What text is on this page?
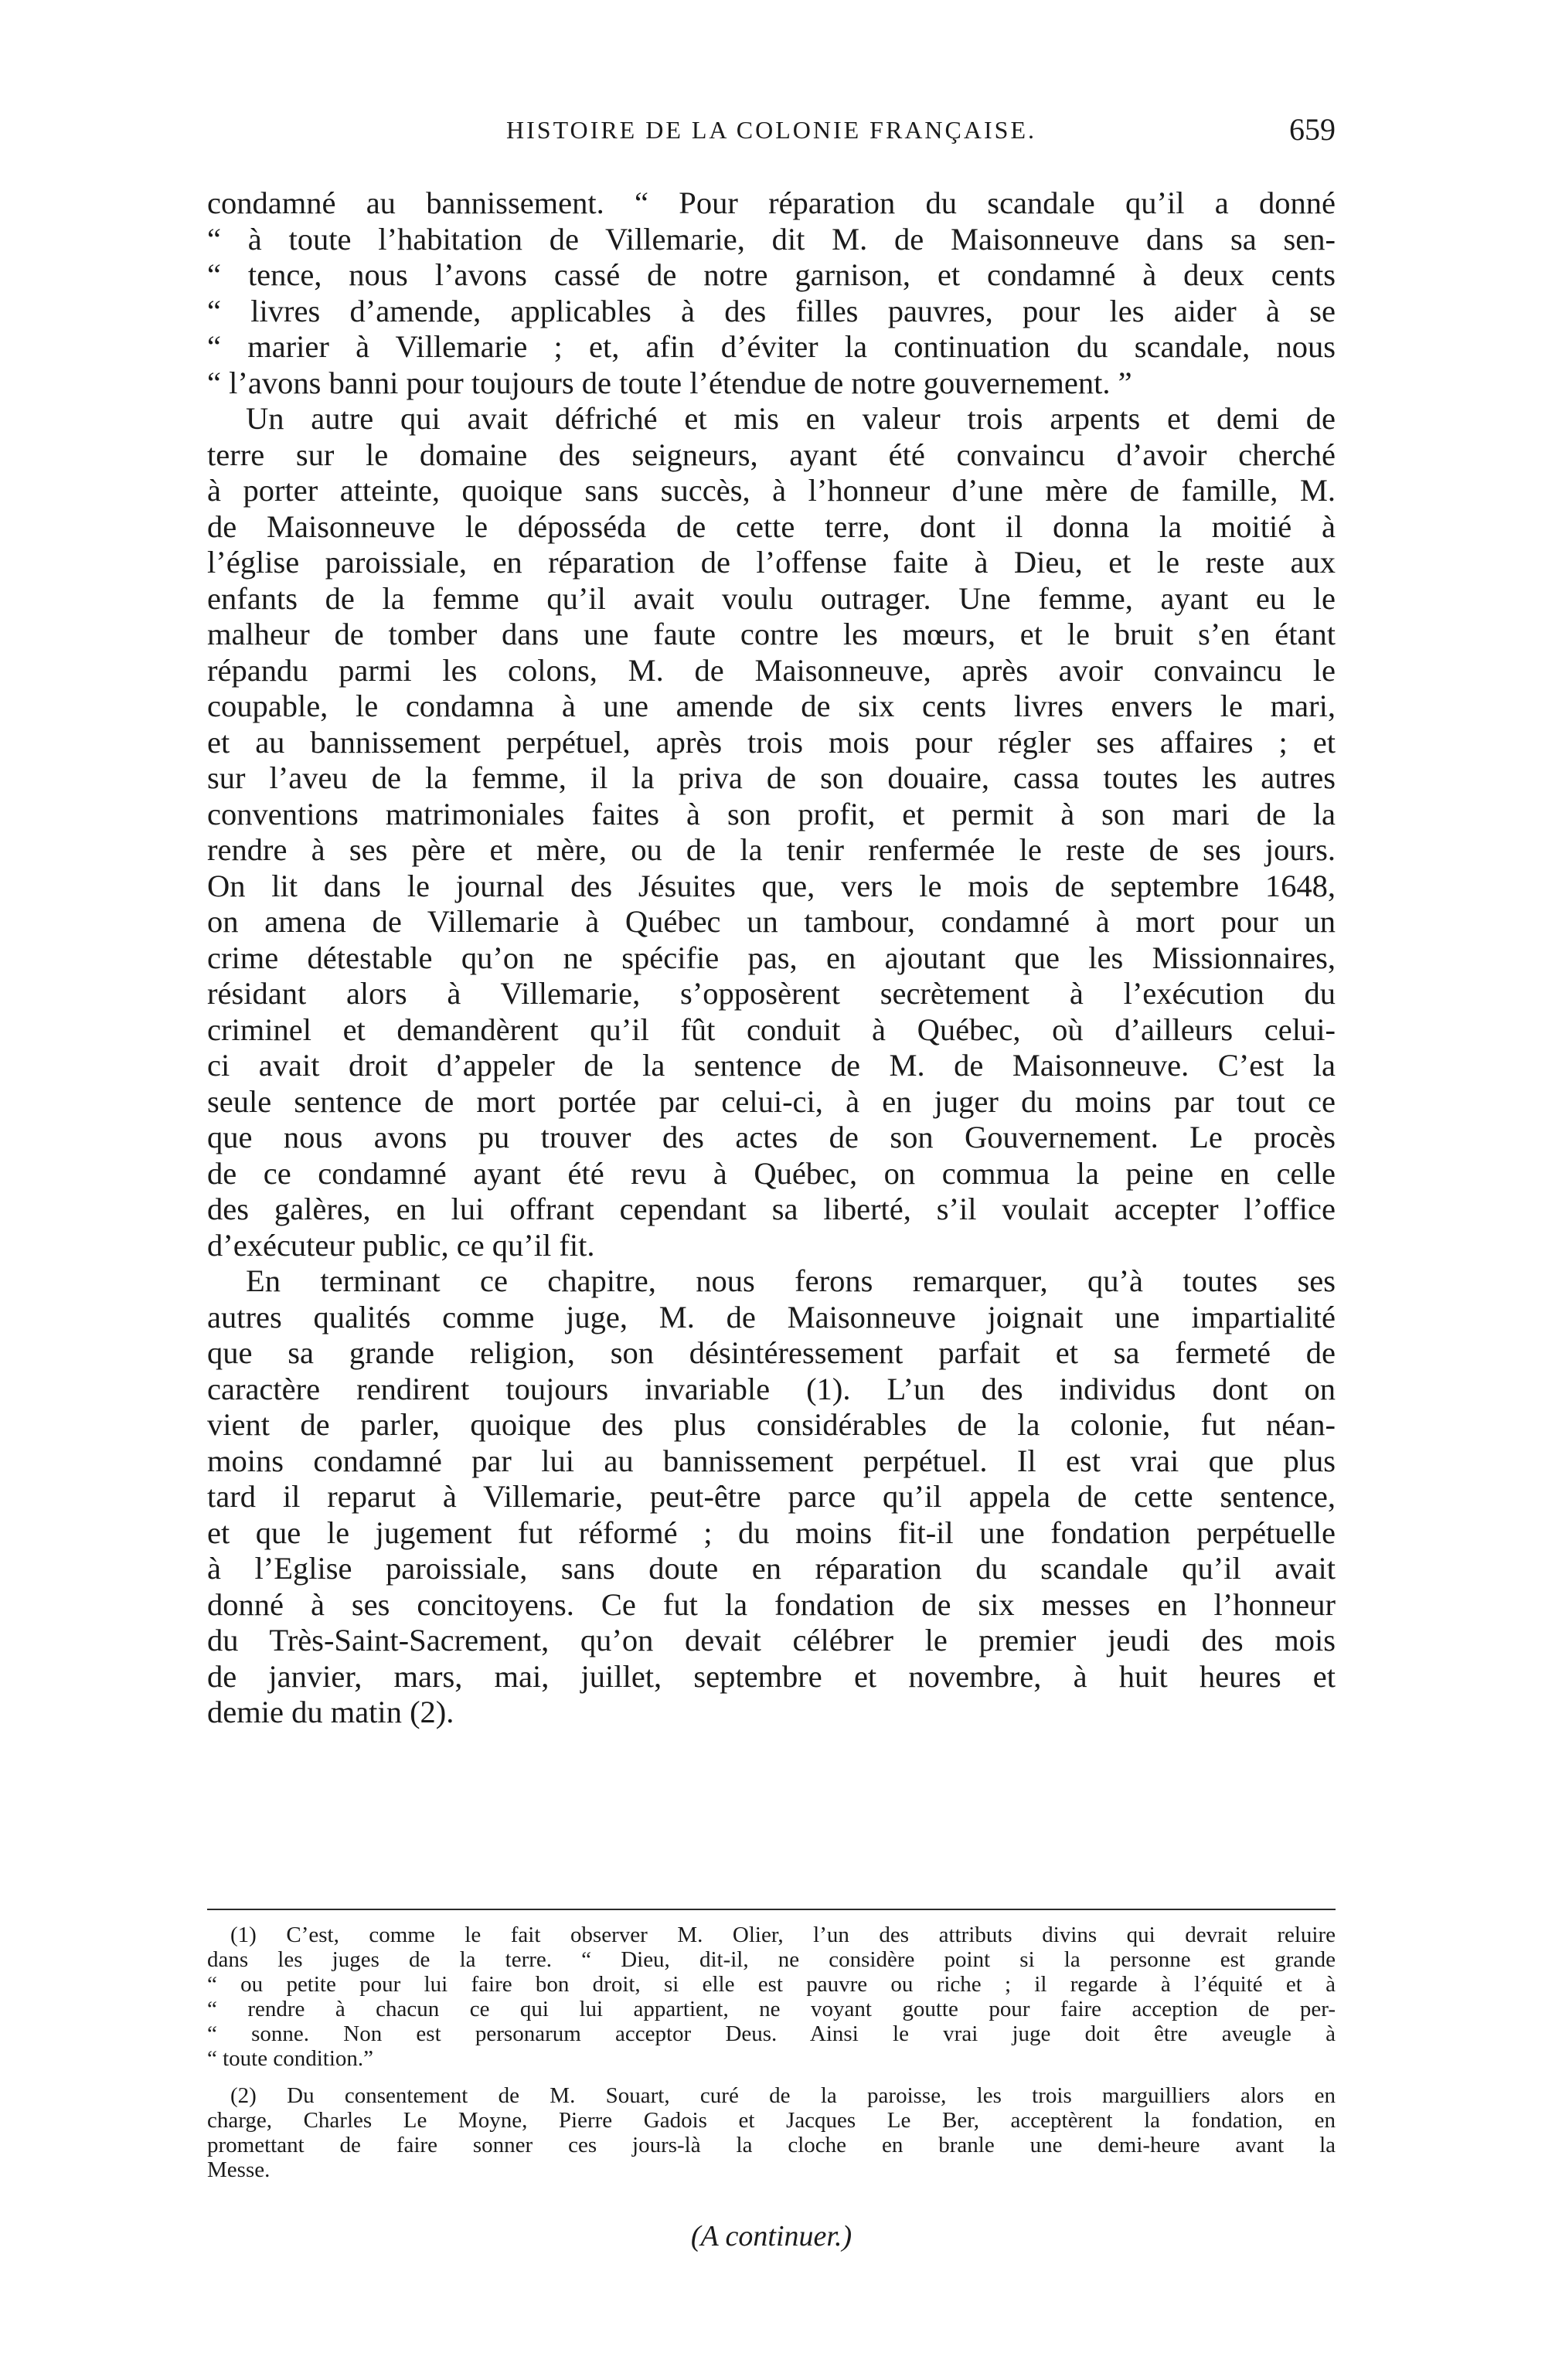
HISTOIRE DE LA COLONIE FRANÇAISE.	659
condamné au bannissement. “ Pour réparation du scandale qu’il a donné
“ à toute l’habitation de Villemarie, dit M. de Maisonneuve dans sa sen-
“ tence, nous l’avons cassé de notre garnison, et condamné à deux cents
“ livres d’amende, applicables à des filles pauvres, pour les aider à se
“ marier à Villemarie ; et, afin d’éviter la continuation du scandale, nous
“ l’avons banni pour toujours de toute l’étendue de notre gouvernement. ”
Un autre qui avait défriché et mis en valeur trois arpents et demi de
terre sur le domaine des seigneurs, ayant été convaincu d’avoir cherché
à porter atteinte, quoique sans succès, à l’honneur d’une mère de famille, M.
de Maisonneuve le dépossédа de cette terre, dont il donna la moitié à
l’église paroissiale, en réparation de l’offense faite à Dieu, et le reste aux
enfants de la femme qu’il avait voulu outrager. Une femme, ayant eu le
malheur de tomber dans une faute contre les mœurs, et le bruit s’en étant
répandu parmi les colons, M. de Maisonneuve, après avoir convaincu le
coupable, le condamna à une amende de six cents livres envers le mari,
et au bannissement perpétuel, après trois mois pour régler ses affaires ; et
sur l’aveu de la femme, il la priva de son douaire, cassa toutes les autres
conventions matrimoniales faites à son profit, et permit à son mari de la
rendre à ses père et mère, ou de la tenir renfermée le reste de ses jours.
On lit dans le journal des Jésuites que, vers le mois de septembre 1648,
on amena de Villemarie à Québec un tambour, condamné à mort pour un
crime détestable qu’on ne spécifie pas, en ajoutant que les Missionnaires,
résidant alors à Villemarie, s’opposèrent secrètement à l’exécution du
criminel et demandèrent qu’il fût conduit à Québec, où d’ailleurs celui-
ci avait droit d’appeler de la sentence de M. de Maisonneuve. C’est la
seule sentence de mort portée par celui-ci, à en juger du moins par tout ce
que nous avons pu trouver des actes de son Gouvernement. Le procès
de ce condamné ayant été revu à Québec, on commua la peine en celle
des galères, en lui offrant cependant sa liberté, s’il voulait accepter l’office
d’exécuteur public, ce qu’il fit.
En terminant ce chapitre, nous ferons remarquer, qu’à toutes ses
autres qualités comme juge, M. de Maisonneuve joignait une impartialité
que sa grande religion, son désintéressement parfait et sa fermeté de
caractère rendirent toujours invariable (1). L’un des individus dont on
vient de parler, quoique des plus considérables de la colonie, fut néan-
moins condamné par lui au bannissement perpétuel. Il est vrai que plus
tard il reparut à Villemarie, peut-être parce qu’il appela de cette sentence,
et que le jugement fut réformé ; du moins fit-il une fondation perpétuelle
à l’Eglise paroissiale, sans doute en réparation du scandale qu’il avait
donné à ses concitoyens. Ce fut la fondation de six messes en l’honneur
du Très-Saint-Sacrement, qu’on devait célébrer le premier jeudi des mois
de janvier, mars, mai, juillet, septembre et novembre, à huit heures et
demie du matin (2).
(1) C’est, comme le fait observer M. Olier, l’un des attributs divins qui devrait reluire
dans les juges de la terre. “ Dieu, dit-il, ne considère point si la personne est grande
“ ou petite pour lui faire bon droit, si elle est pauvre ou riche ; il regarde à l’équité et à
“ rendre à chacun ce qui lui appartient, ne voyant goutte pour faire acception de per-
“ sonne. Non est personarum acceptor Deus. Ainsi le vrai juge doit être aveugle à
“ toute condition.”
(2) Du consentement de M. Souart, curé de la paroisse, les trois marguilliers alors en
charge, Charles Le Moyne, Pierre Gadois et Jacques Le Ber, acceptèrent la fondation, en
promettant de faire sonner ces jours-là la cloche en branle une demi-heure avant la
Messe.
(A continuer.)
